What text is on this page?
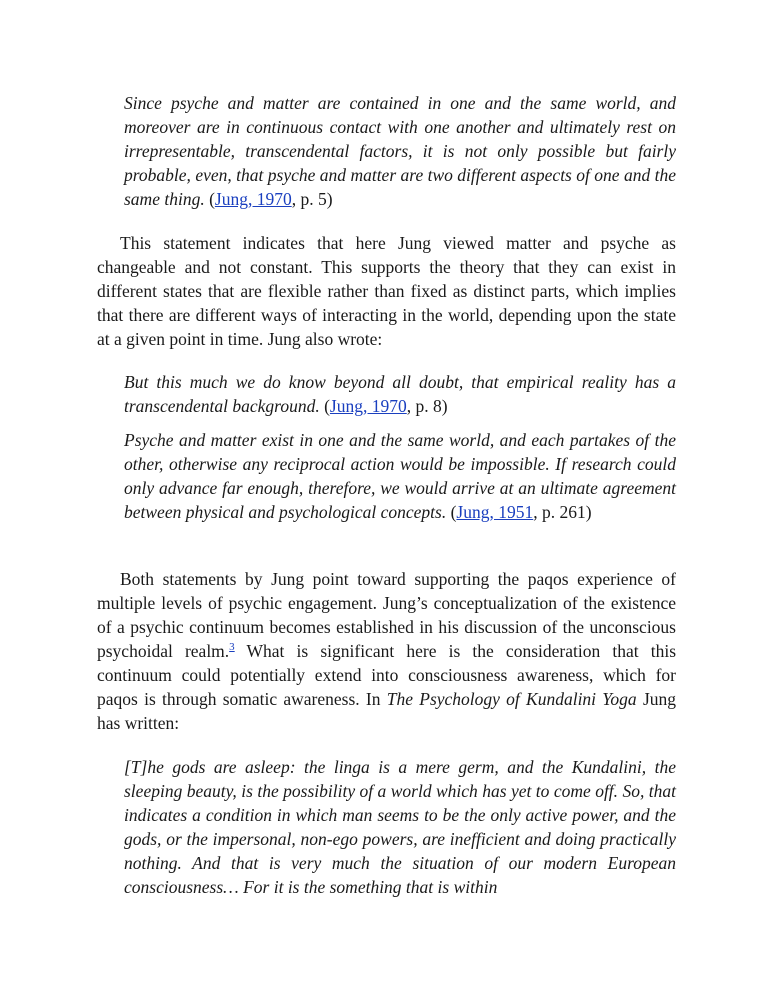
Since psyche and matter are contained in one and the same world, and moreover are in continuous contact with one another and ultimately rest on irrepresentable, transcendental factors, it is not only possible but fairly probable, even, that psyche and matter are two different aspects of one and the same thing. (Jung, 1970, p. 5)
This statement indicates that here Jung viewed matter and psyche as changeable and not constant. This supports the theory that they can exist in different states that are flexible rather than fixed as distinct parts, which implies that there are different ways of interacting in the world, depending upon the state at a given point in time. Jung also wrote:
But this much we do know beyond all doubt, that empirical reality has a transcendental background. (Jung, 1970, p. 8)
Psyche and matter exist in one and the same world, and each partakes of the other, otherwise any reciprocal action would be impossible. If research could only advance far enough, therefore, we would arrive at an ultimate agreement between physical and psychological concepts. (Jung, 1951, p. 261)
Both statements by Jung point toward supporting the paqos experience of multiple levels of psychic engagement. Jung’s conceptualization of the existence of a psychic continuum becomes established in his discussion of the unconscious psychoidal realm.$^3$ What is significant here is the consideration that this continuum could potentially extend into consciousness awareness, which for paqos is through somatic awareness. In The Psychology of Kundalini Yoga Jung has written:
[T]he gods are asleep: the linga is a mere germ, and the Kundalini, the sleeping beauty, is the possibility of a world which has yet to come off. So, that indicates a condition in which man seems to be the only active power, and the gods, or the impersonal, non-ego powers, are inefficient and doing practically nothing. And that is very much the situation of our modern European consciousness… For it is the something that is within
